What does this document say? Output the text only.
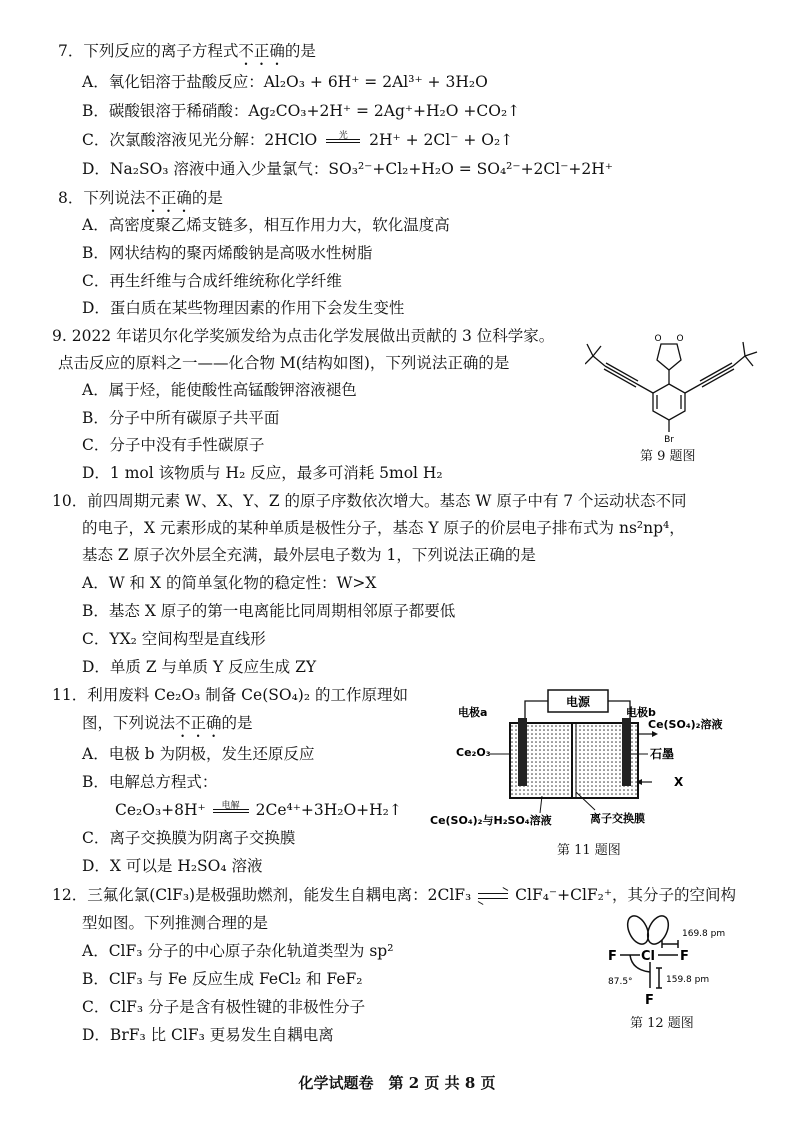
7．下列反应的离子方程式不正确的是
A．氧化铝溶于盐酸反应：Al₂O₃ + 6H⁺ = 2Al³⁺ + 3H₂O
B．碳酸银溶于稀硝酸：Ag₂CO₃+2H⁺ = 2Ag⁺+H₂O +CO₂↑
C．次氯酸溶液见光分解：2HClO	光	2H⁺ + 2Cl⁻ + O₂↑
D．Na₂SO₃ 溶液中通入少量氯气：SO₃²⁻+Cl₂+H₂O = SO₄²⁻+2Cl⁻+2H⁺
8．下列说法不正确的是
A．高密度聚乙烯支链多，相互作用力大，软化温度高
B．网状结构的聚丙烯酸钠是高吸水性树脂
C．再生纤维与合成纤维统称化学纤维
D．蛋白质在某些物理因素的作用下会发生变性
9. 2022 年诺贝尔化学奖颁发给为点击化学发展做出贡献的 3 位科学家。
点击反应的原料之一——化合物 M(结构如图)，下列说法正确的是
A．属于烃，能使酸性高锰酸钾溶液褪色
B．分子中所有碳原子共平面
C．分子中没有手性碳原子
D．1 mol 该物质与 H₂ 反应，最多可消耗 5mol H₂
O O
Br
第 9 题图
10．前四周期元素 W、X、Y、Z 的原子序数依次增大。基态 W 原子中有 7 个运动状态不同
的电子，X 元素形成的某种单质是极性分子，基态 Y 原子的价层电子排布式为 ns²np⁴，
基态 Z 原子次外层全充满，最外层电子数为 1，下列说法正确的是
A．W 和 X 的简单氢化物的稳定性：W>X
B．基态 X 原子的第一电离能比同周期相邻原子都要低
C．YX₂ 空间构型是直线形
D．单质 Z 与单质 Y 反应生成 ZY
11．利用废料 Ce₂O₃ 制备 Ce(SO₄)₂ 的工作原理如
图，下列说法不正确的是
A．电极 b 为阴极，发生还原反应
B．电解总方程式：
Ce₂O₃+8H⁺	电解	2Ce⁴⁺+3H₂O+H₂↑
C．离子交换膜为阴离子交换膜
D．X 可以是 H₂SO₄ 溶液
电源
电极a	电极b
Ce(SO₄)₂溶液
石墨
X
Ce₂O₃
Ce(SO₄)₂与H₂SO₄溶液	离子交换膜
第 11 题图
12．三氟化氯(ClF₃)是极强助燃剂，能发生自耦电离：2ClF₃ ⇌ ClF₄⁻+ClF₂⁺，其分子的空间构
型如图。下列推测合理的是
A．ClF₃ 分子的中心原子杂化轨道类型为 sp²
B．ClF₃ 与 Fe 反应生成 FeCl₂ 和 FeF₂
C．ClF₃ 分子是含有极性键的非极性分子
D．BrF₃ 比 ClF₃ 更易发生自耦电离
F Cl F
F
169.8 pm
159.8 pm
87.5°
第 12 题图
化学试题卷　第 2 页 共 8 页
